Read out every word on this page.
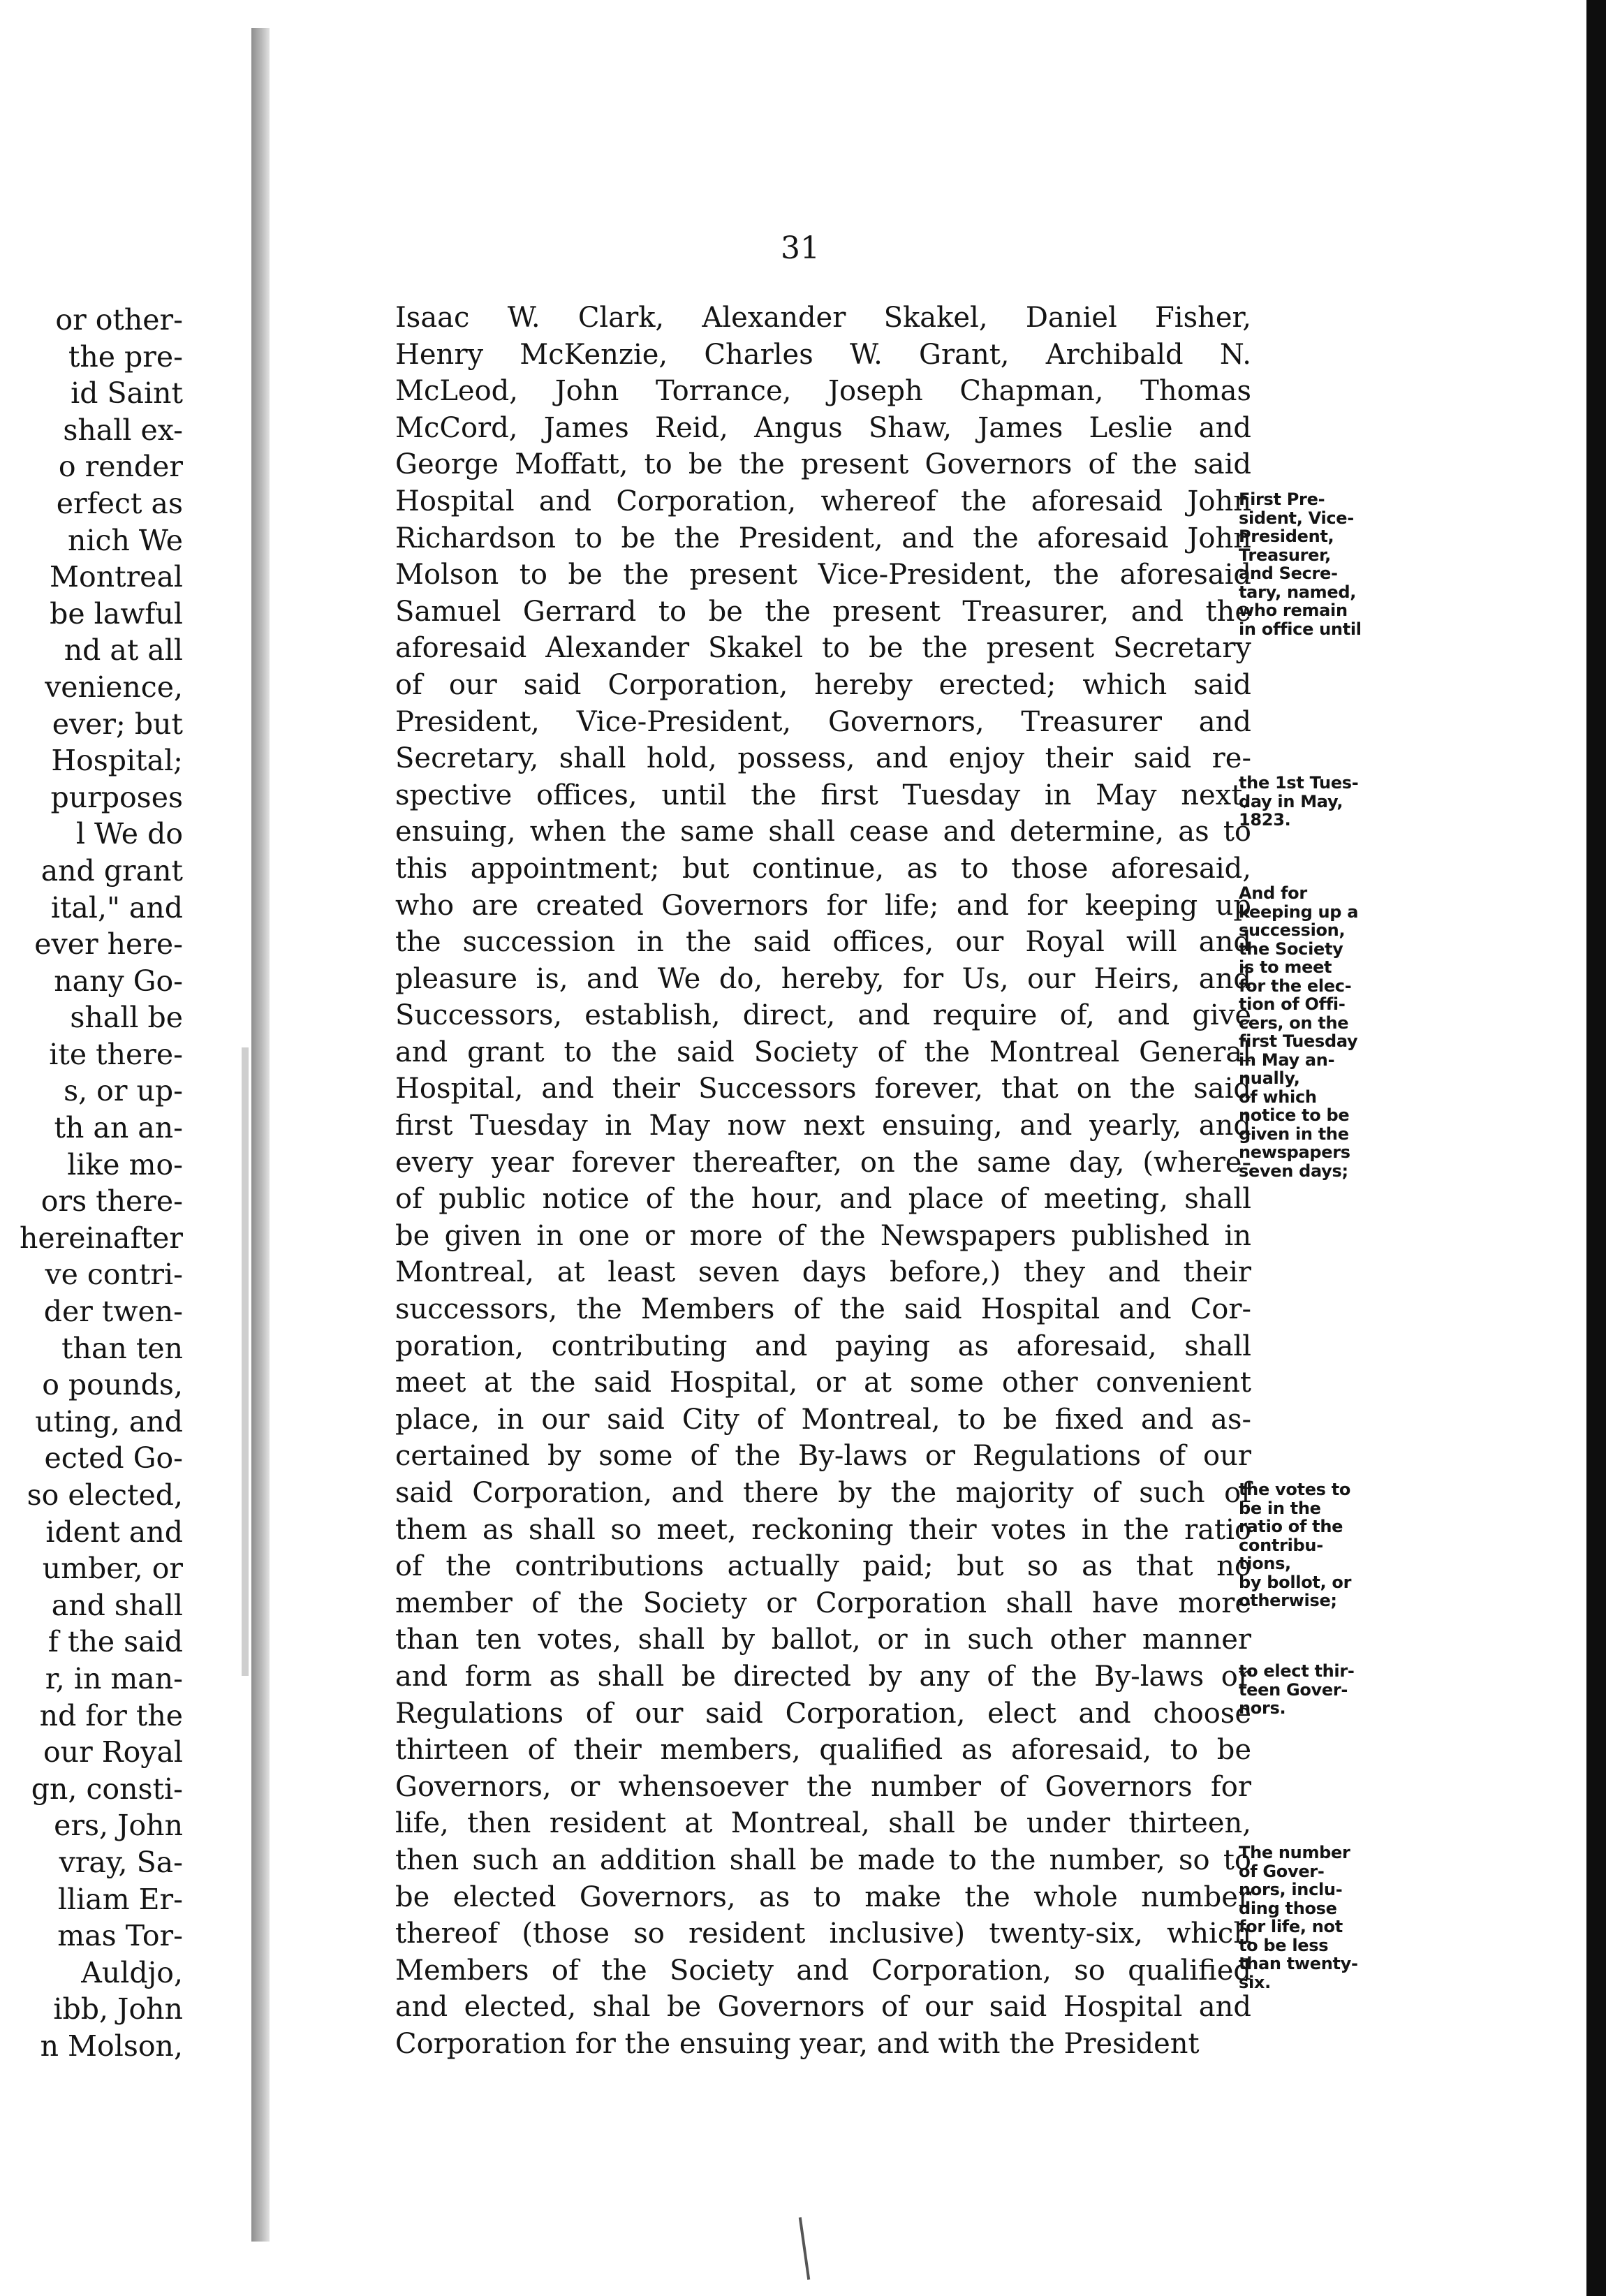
or other-
the pre-
id Saint
shall ex-
o render
erfect as
nich We
Montreal
be lawful
nd at all
venience,
ever; but
Hospital;
purposes
l We do
and grant
ital," and
ever here-
nany Go-
shall be
ite there-
s, or up-
th an an-
like mo-
ors there-
hereinafter
ve contri-
der twen-
than ten
o pounds,
uting, and
ected Go-
so elected,
ident and
umber, or
and shall
f the said
r, in man-
nd for the
our Royal
gn, consti-
ers, John
vray, Sa-
lliam Er-
mas Tor-
Auldjo,
ibb, John
n Molson,
31
Isaac W. Clark, Alexander Skakel, Daniel Fisher,
Henry McKenzie, Charles W. Grant, Archibald N.
McLeod, John Torrance, Joseph Chapman, Thomas
McCord, James Reid, Angus Shaw, James Leslie and
George Moffatt, to be the present Governors of the said
Hospital and Corporation, whereof the aforesaid John
Richardson to be the President, and the aforesaid John
Molson to be the present Vice-President, the aforesaid
Samuel Gerrard to be the present Treasurer, and the
aforesaid Alexander Skakel to be the present Secretary
of our said Corporation, hereby erected; which said
President, Vice-President, Governors, Treasurer and
Secretary, shall hold, possess, and enjoy their said re-
spective offices, until the first Tuesday in May next,
ensuing, when the same shall cease and determine, as to
this appointment; but continue, as to those aforesaid,
who are created Governors for life; and for keeping up
the succession in the said offices, our Royal will and
pleasure is, and We do, hereby, for Us, our Heirs, and
Successors, establish, direct, and require of, and give
and grant to the said Society of the Montreal General
Hospital, and their Successors forever, that on the said
first Tuesday in May now next ensuing, and yearly, and
every year forever thereafter, on the same day, (where-
of public notice of the hour, and place of meeting, shall
be given in one or more of the Newspapers published in
Montreal, at least seven days before,) they and their
successors, the Members of the said Hospital and Cor-
poration, contributing and paying as aforesaid, shall
meet at the said Hospital, or at some other convenient
place, in our said City of Montreal, to be fixed and as-
certained by some of the By-laws or Regulations of our
said Corporation, and there by the majority of such of
them as shall so meet, reckoning their votes in the ratio
of the contributions actually paid; but so as that no
member of the Society or Corporation shall have more
than ten votes, shall by ballot, or in such other manner
and form as shall be directed by any of the By-laws or
Regulations of our said Corporation, elect and choose
thirteen of their members, qualified as aforesaid, to be
Governors, or whensoever the number of Governors for
life, then resident at Montreal, shall be under thirteen,
then such an addition shall be made to the number, so to
be elected Governors, as to make the whole number
thereof (those so resident inclusive) twenty-six, which
Members of the Society and Corporation, so qualified
and elected, shal be Governors of our said Hospital and
Corporation for the ensuing year, and with the President
First Pre-
sident, Vice-
President,
Treasurer,
and Secre-
tary, named,
who remain
in office until
the 1st Tues-
day in May,
1823.
And for
keeping up a
succession,
the Society
is to meet
for the elec-
tion of Offi-
cers, on the
first Tuesday
in May an-
nually,
of which
notice to be
given in the
newspapers
seven days;
the votes to
be in the
ratio of the
contribu-
tions,
by bollot, or
otherwise;
to elect thir-
teen Gover-
nors.
The number
of Gover-
nors, inclu-
ding those
for life, not
to be less
than twenty-
six.
